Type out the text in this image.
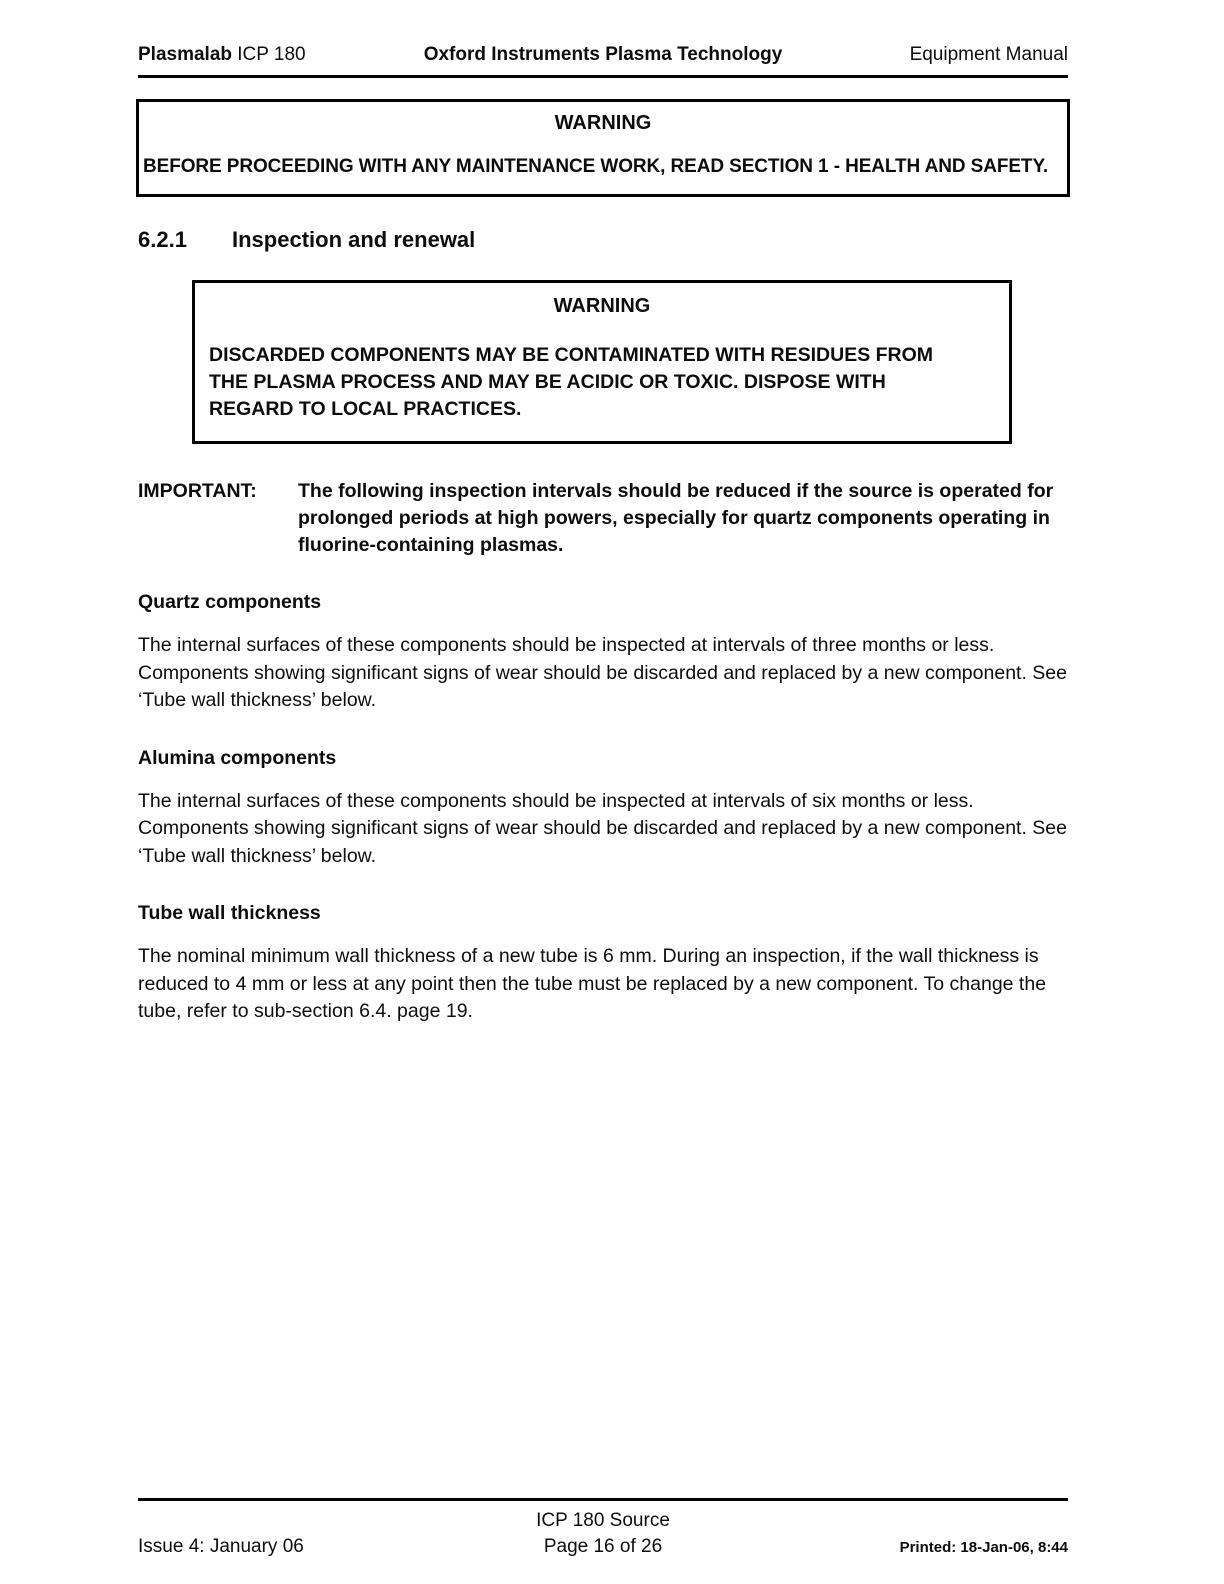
Plasmalab ICP 180	Oxford Instruments Plasma Technology	Equipment Manual
WARNING
BEFORE PROCEEDING WITH ANY MAINTENANCE WORK, READ SECTION 1 - HEALTH AND SAFETY.
6.2.1	Inspection and renewal
WARNING
DISCARDED COMPONENTS MAY BE CONTAMINATED WITH RESIDUES FROM THE PLASMA PROCESS AND MAY BE ACIDIC OR TOXIC. DISPOSE WITH REGARD TO LOCAL PRACTICES.
IMPORTANT:	The following inspection intervals should be reduced if the source is operated for prolonged periods at high powers, especially for quartz components operating in fluorine-containing plasmas.
Quartz components
The internal surfaces of these components should be inspected at intervals of three months or less. Components showing significant signs of wear should be discarded and replaced by a new component. See ‘Tube wall thickness’ below.
Alumina components
The internal surfaces of these components should be inspected at intervals of six months or less. Components showing significant signs of wear should be discarded and replaced by a new component. See ‘Tube wall thickness’ below.
Tube wall thickness
The nominal minimum wall thickness of a new tube is 6 mm. During an inspection, if the wall thickness is reduced to 4 mm or less at any point then the tube must be replaced by a new component. To change the tube, refer to sub-section 6.4. page 19.
ICP 180 Source
Issue 4: January 06	Page 16 of 26	Printed: 18-Jan-06, 8:44
